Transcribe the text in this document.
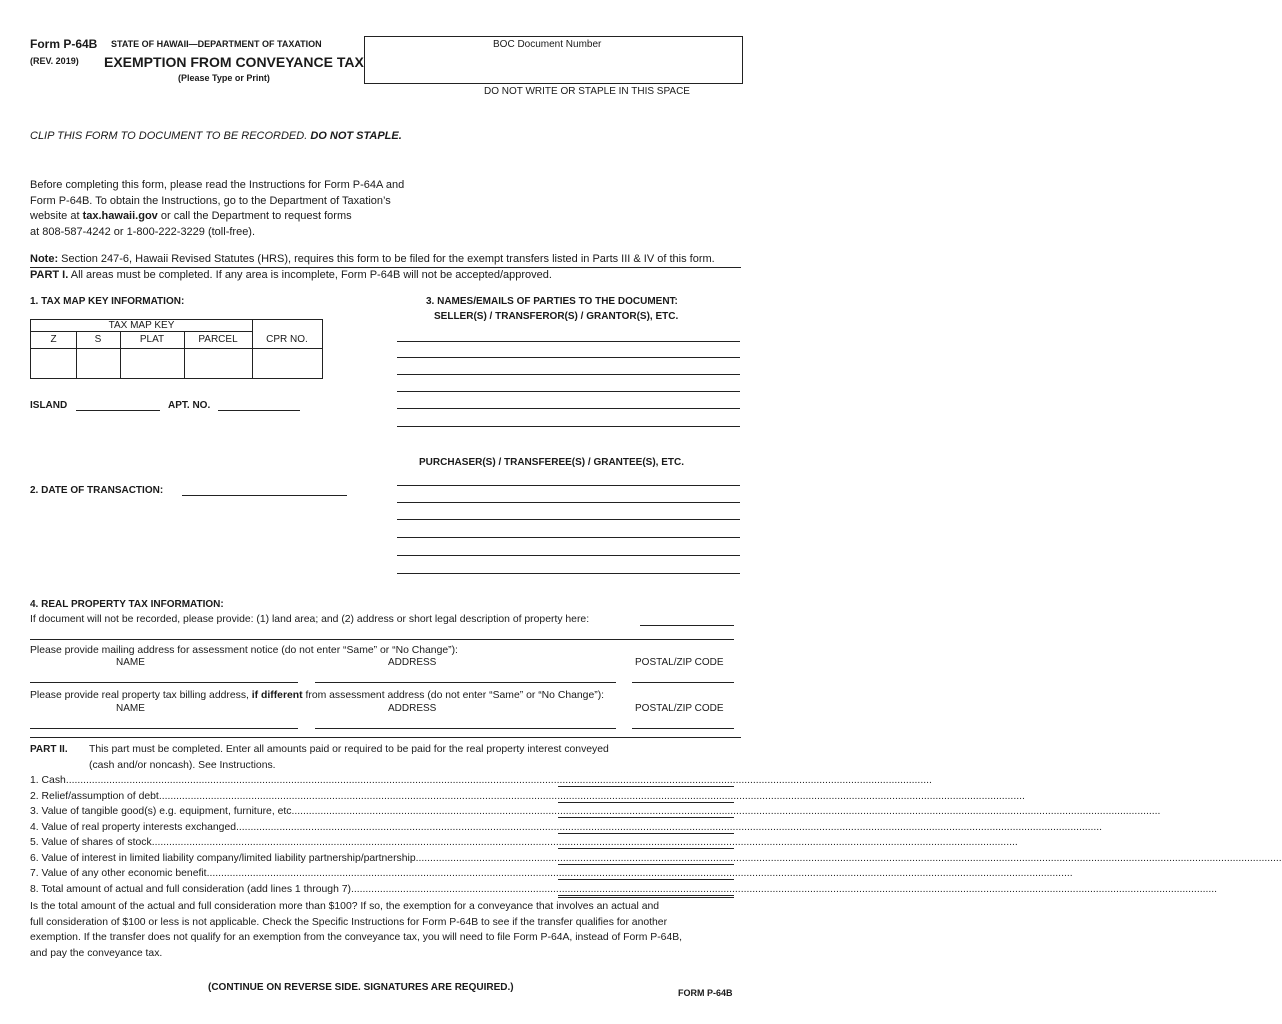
Form P-64B
(REV. 2019)
STATE OF HAWAII—DEPARTMENT OF TAXATION
EXEMPTION FROM CONVEYANCE TAX
(Please Type or Print)
BOC Document Number
DO NOT WRITE OR STAPLE IN THIS SPACE
CLIP THIS FORM TO DOCUMENT TO BE RECORDED. DO NOT STAPLE.
Before completing this form, please read the Instructions for Form P-64A and
Form P-64B. To obtain the Instructions, go to the Department of Taxation’s
website at tax.hawaii.gov or call the Department to request forms
at 808-587-4242 or 1-800-222-3229 (toll-free).
Note: Section 247-6, Hawaii Revised Statutes (HRS), requires this form to be filed for the exempt transfers listed in Parts III & IV of this form.
PART I. All areas must be completed. If any area is incomplete, Form P-64B will not be accepted/approved.
1. TAX MAP KEY INFORMATION:
TAX MAP KEY
Z	S	PLAT	PARCEL	CPR NO.
ISLAND	APT. NO.
2. DATE OF TRANSACTION:
3. NAMES/EMAILS OF PARTIES TO THE DOCUMENT:
SELLER(S) / TRANSFEROR(S) / GRANTOR(S), ETC.
PURCHASER(S) / TRANSFEREE(S) / GRANTEE(S), ETC.
4. REAL PROPERTY TAX INFORMATION:
If document will not be recorded, please provide: (1) land area; and (2) address or short legal description of property here:
Please provide mailing address for assessment notice (do not enter “Same” or “No Change”):
NAME	ADDRESS	POSTAL/ZIP CODE
Please provide real property tax billing address, if different from assessment address (do not enter “Same” or “No Change”):
NAME	ADDRESS	POSTAL/ZIP CODE
PART II. This part must be completed. Enter all amounts paid or required to be paid for the real property interest conveyed
(cash and/or noncash). See Instructions.
1. Cash............................................................................................................................................................................................................................................................................................................
2. Relief/assumption of debt............................................................................................................................................................................................................................................................................................................
3. Value of tangible good(s) e.g. equipment, furniture, etc.............................................................................................................................................................................................................................................................................................................
4. Value of real property interests exchanged............................................................................................................................................................................................................................................................................................................
5. Value of shares of stock............................................................................................................................................................................................................................................................................................................
6. Value of interest in limited liability company/limited liability partnership/partnership............................................................................................................................................................................................................................................................................................................
7. Value of any other economic benefit............................................................................................................................................................................................................................................................................................................
8. Total amount of actual and full consideration (add lines 1 through 7)............................................................................................................................................................................................................................................................................................................
Is the total amount of the actual and full consideration more than $100? If so, the exemption for a conveyance that involves an actual and
full consideration of $100 or less is not applicable. Check the Specific Instructions for Form P-64B to see if the transfer qualifies for another
exemption. If the transfer does not qualify for an exemption from the conveyance tax, you will need to file Form P-64A, instead of Form P-64B,
and pay the conveyance tax.
(CONTINUE ON REVERSE SIDE. SIGNATURES ARE REQUIRED.)	FORM P-64B
